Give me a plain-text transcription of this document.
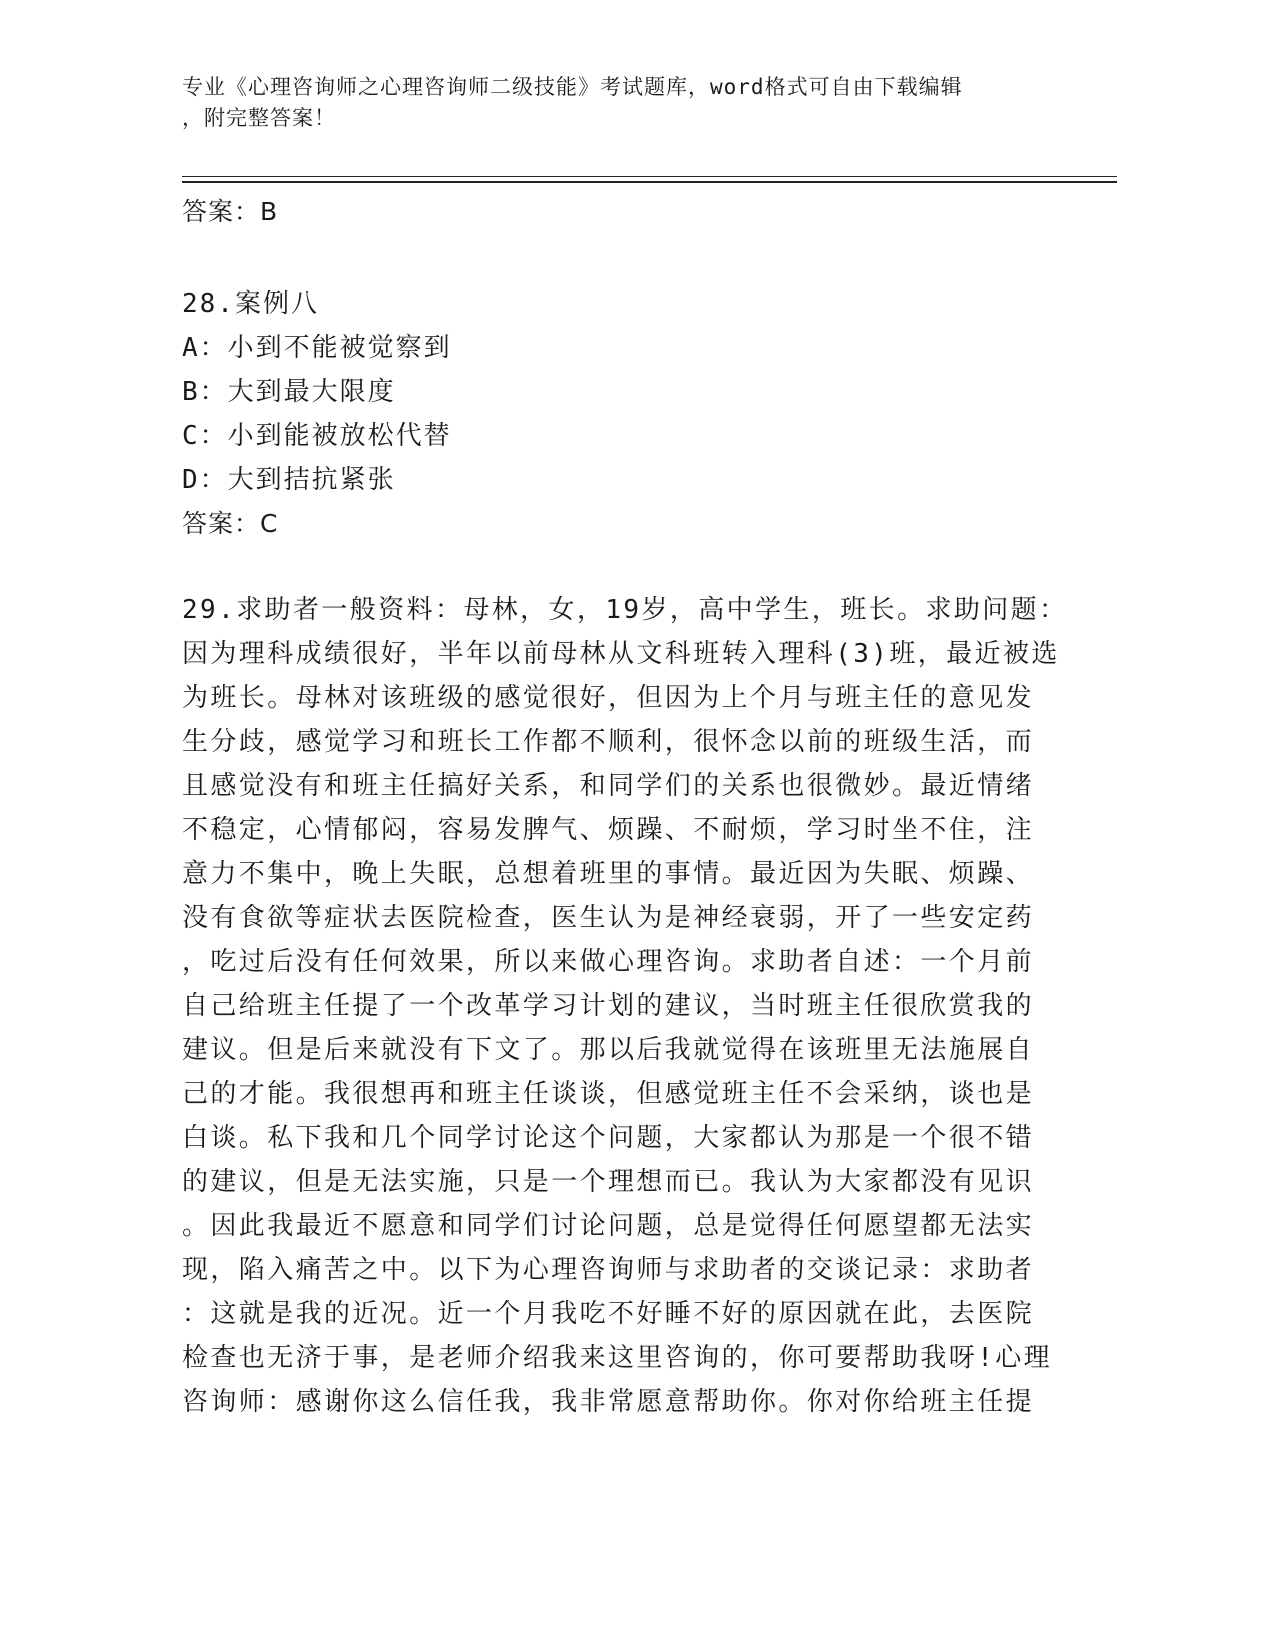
专业《心理咨询师之心理咨询师二级技能》考试题库，word格式可自由下载编辑
，附完整答案！
答案：B
28.案例八
A：小到不能被觉察到
B：大到最大限度
C：小到能被放松代替
D：大到拮抗紧张
答案：C
29.求助者一般资料：母林，女，19岁，高中学生，班长。求助问题：
因为理科成绩很好，半年以前母林从文科班转入理科(3)班，最近被选
为班长。母林对该班级的感觉很好，但因为上个月与班主任的意见发
生分歧，感觉学习和班长工作都不顺利，很怀念以前的班级生活，而
且感觉没有和班主任搞好关系，和同学们的关系也很微妙。最近情绪
不稳定，心情郁闷，容易发脾气、烦躁、不耐烦，学习时坐不住，注
意力不集中，晚上失眠，总想着班里的事情。最近因为失眠、烦躁、
没有食欲等症状去医院检查，医生认为是神经衰弱，开了一些安定药
，吃过后没有任何效果，所以来做心理咨询。求助者自述：一个月前
自己给班主任提了一个改革学习计划的建议，当时班主任很欣赏我的
建议。但是后来就没有下文了。那以后我就觉得在该班里无法施展自
己的才能。我很想再和班主任谈谈，但感觉班主任不会采纳，谈也是
白谈。私下我和几个同学讨论这个问题，大家都认为那是一个很不错
的建议，但是无法实施，只是一个理想而已。我认为大家都没有见识
。因此我最近不愿意和同学们讨论问题，总是觉得任何愿望都无法实
现，陷入痛苦之中。以下为心理咨询师与求助者的交谈记录：求助者
：这就是我的近况。近一个月我吃不好睡不好的原因就在此，去医院
检查也无济于事，是老师介绍我来这里咨询的，你可要帮助我呀!心理
咨询师：感谢你这么信任我，我非常愿意帮助你。你对你给班主任提
